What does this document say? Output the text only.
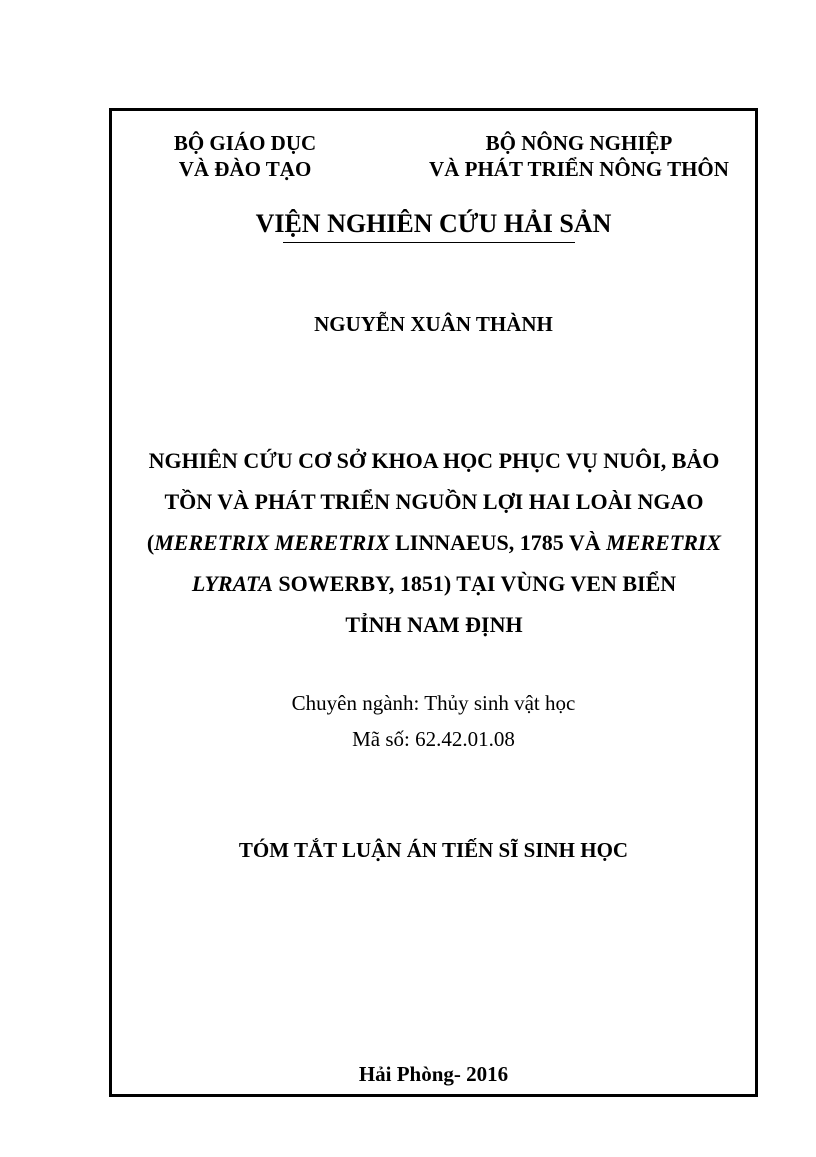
BỘ GIÁO DỤC
VÀ ĐÀO TẠO
BỘ NÔNG NGHIỆP
VÀ PHÁT TRIỂN NÔNG THÔN
VIỆN NGHIÊN CỨU HẢI SẢN
NGUYỄN XUÂN THÀNH
NGHIÊN CỨU CƠ SỞ KHOA HỌC PHỤC VỤ NUÔI, BẢO
TỒN VÀ PHÁT TRIỂN NGUỒN LỢI HAI LOÀI NGAO
(MERETRIX MERETRIX LINNAEUS, 1785 VÀ MERETRIX
LYRATA SOWERBY, 1851) TẠI VÙNG VEN BIỂN
TỈNH NAM ĐỊNH
Chuyên ngành: Thủy sinh vật học
Mã số: 62.42.01.08
TÓM TẮT LUẬN ÁN TIẾN SĨ SINH HỌC
Hải Phòng- 2016
